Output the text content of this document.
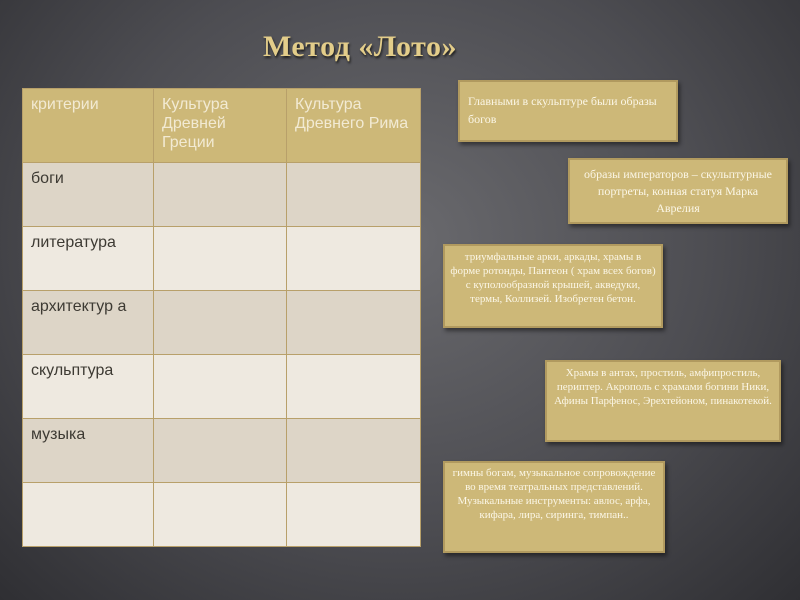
Метод «Лото»
критерии	Культура Древней Греции	Культура Древнего Рима
боги		
литература		
архитектур а		
скульптура		
музыка		

Главными в скульптуре были образы богов
образы императоров – скульптурные портреты, конная статуя Марка Аврелия
триумфальные арки, аркады, храмы в форме ротонды, Пантеон ( храм всех богов) с куполообразной крышей, акведуки, термы, Коллизей. Изобретен бетон.
Храмы в антах, простиль, амфипростиль, периптер. Акрополь с храмами богини Ники, Афины Парфенос, Эрехтейоном, пинакотекой.
гимны богам, музыкальное сопровождение во время театральных представлений. Музыкальные инструменты: авлос, арфа, кифара, лира, сиринга, тимпан..
